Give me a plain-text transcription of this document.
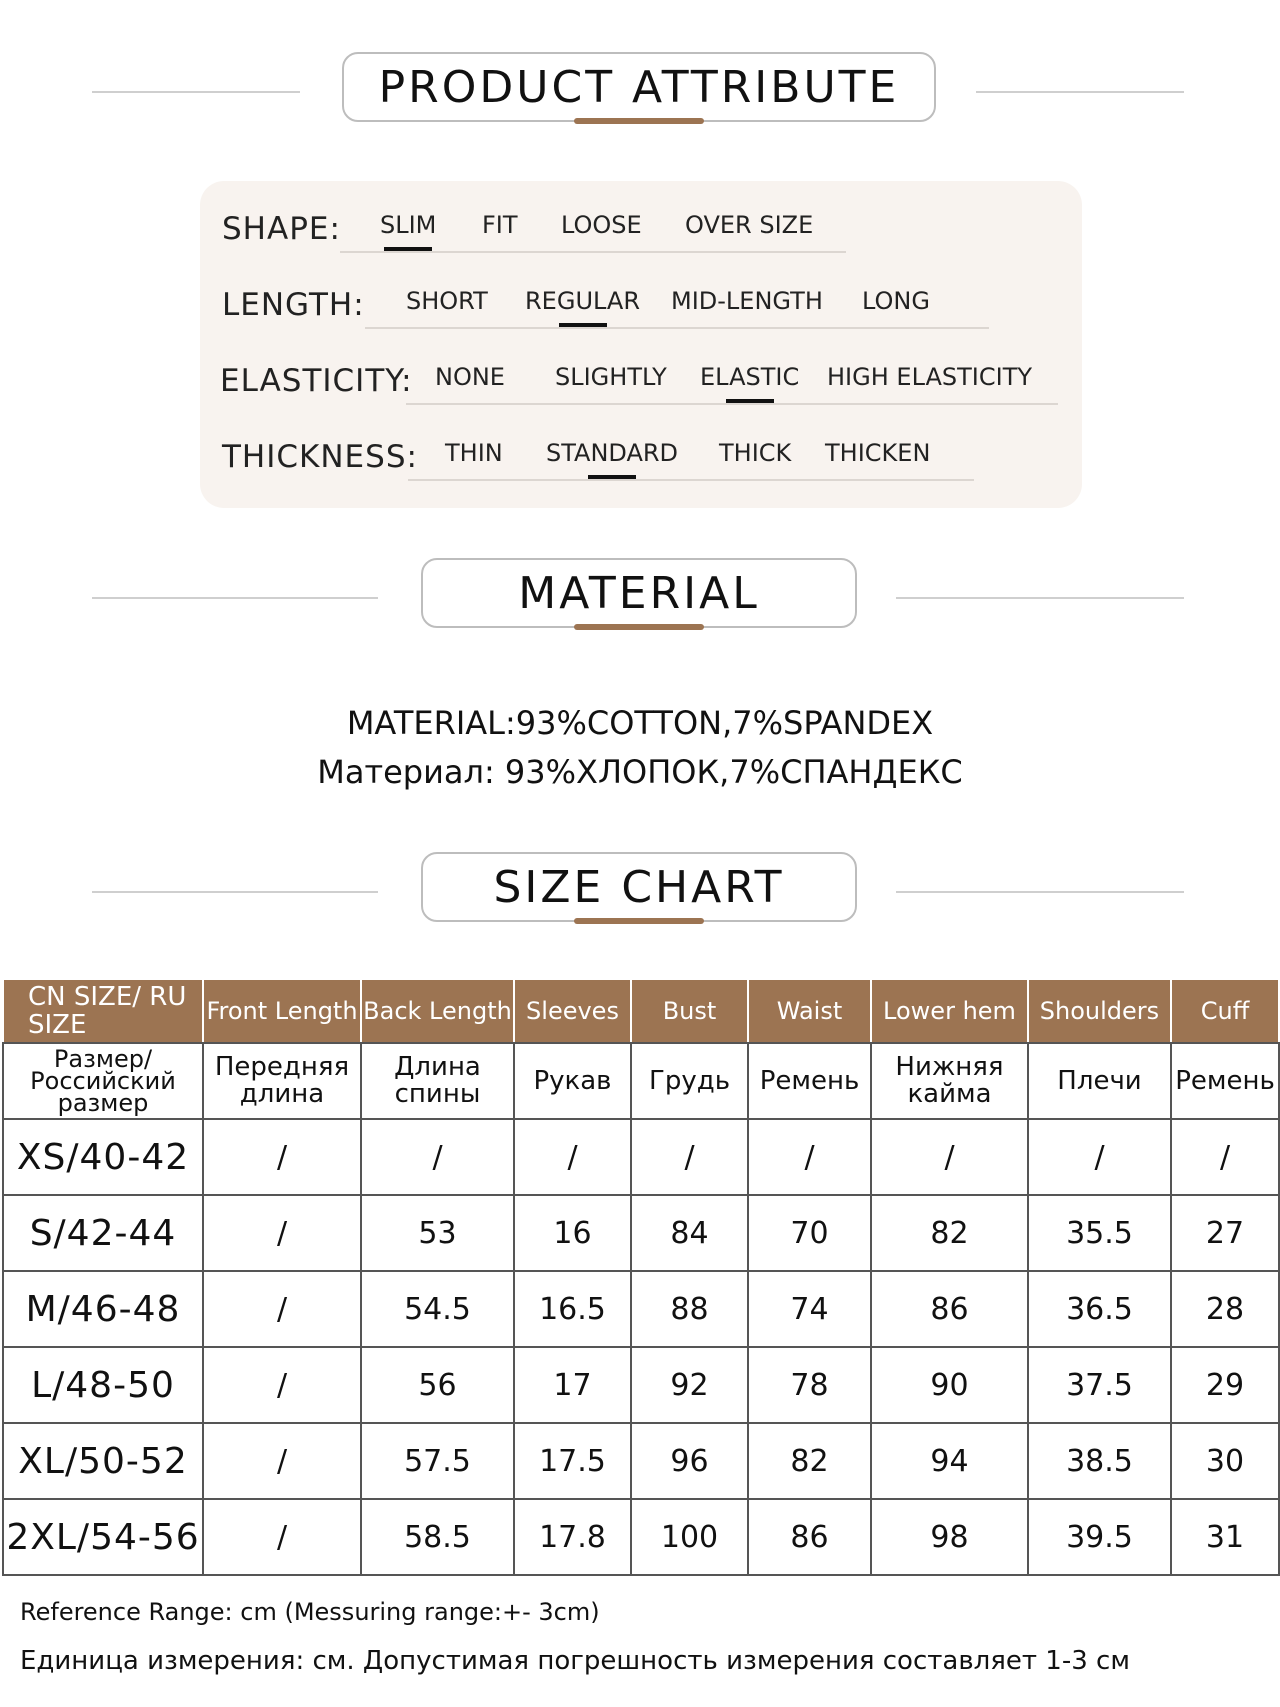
PRODUCT ATTRIBUTE
SHAPE: SLIM FIT LOOSE OVER SIZE
LENGTH: SHORT REGULAR MID-LENGTH LONG
ELASTICITY: NONE SLIGHTLY ELASTIC HIGH ELASTICITY
THICKNESS: THIN STANDARD THICK THICKEN
MATERIAL
MATERIAL:93%COTTON,7%SPANDEX
Материал: 93%ХЛОПОК,7%СПАНДЕКС
SIZE CHART
CN SIZE/ RU SIZE	Front Length	Back Length	Sleeves	Bust	Waist	Lower hem	Shoulders	Cuff
Размер/ Российский размер	Передняя длина	Длина спины	Рукав	Грудь	Ремень	Нижняя кайма	Плечи	Ремень
XS/40-42	/	/	/	/	/	/	/	/
S/42-44	/	53	16	84	70	82	35.5	27
M/46-48	/	54.5	16.5	88	74	86	36.5	28
L/48-50	/	56	17	92	78	90	37.5	29
XL/50-52	/	57.5	17.5	96	82	94	38.5	30
2XL/54-56	/	58.5	17.8	100	86	98	39.5	31
Reference Range: cm (Messuring range:+- 3cm)
Единица измерения: см. Допустимая погрешность измерения составляет 1-3 см
